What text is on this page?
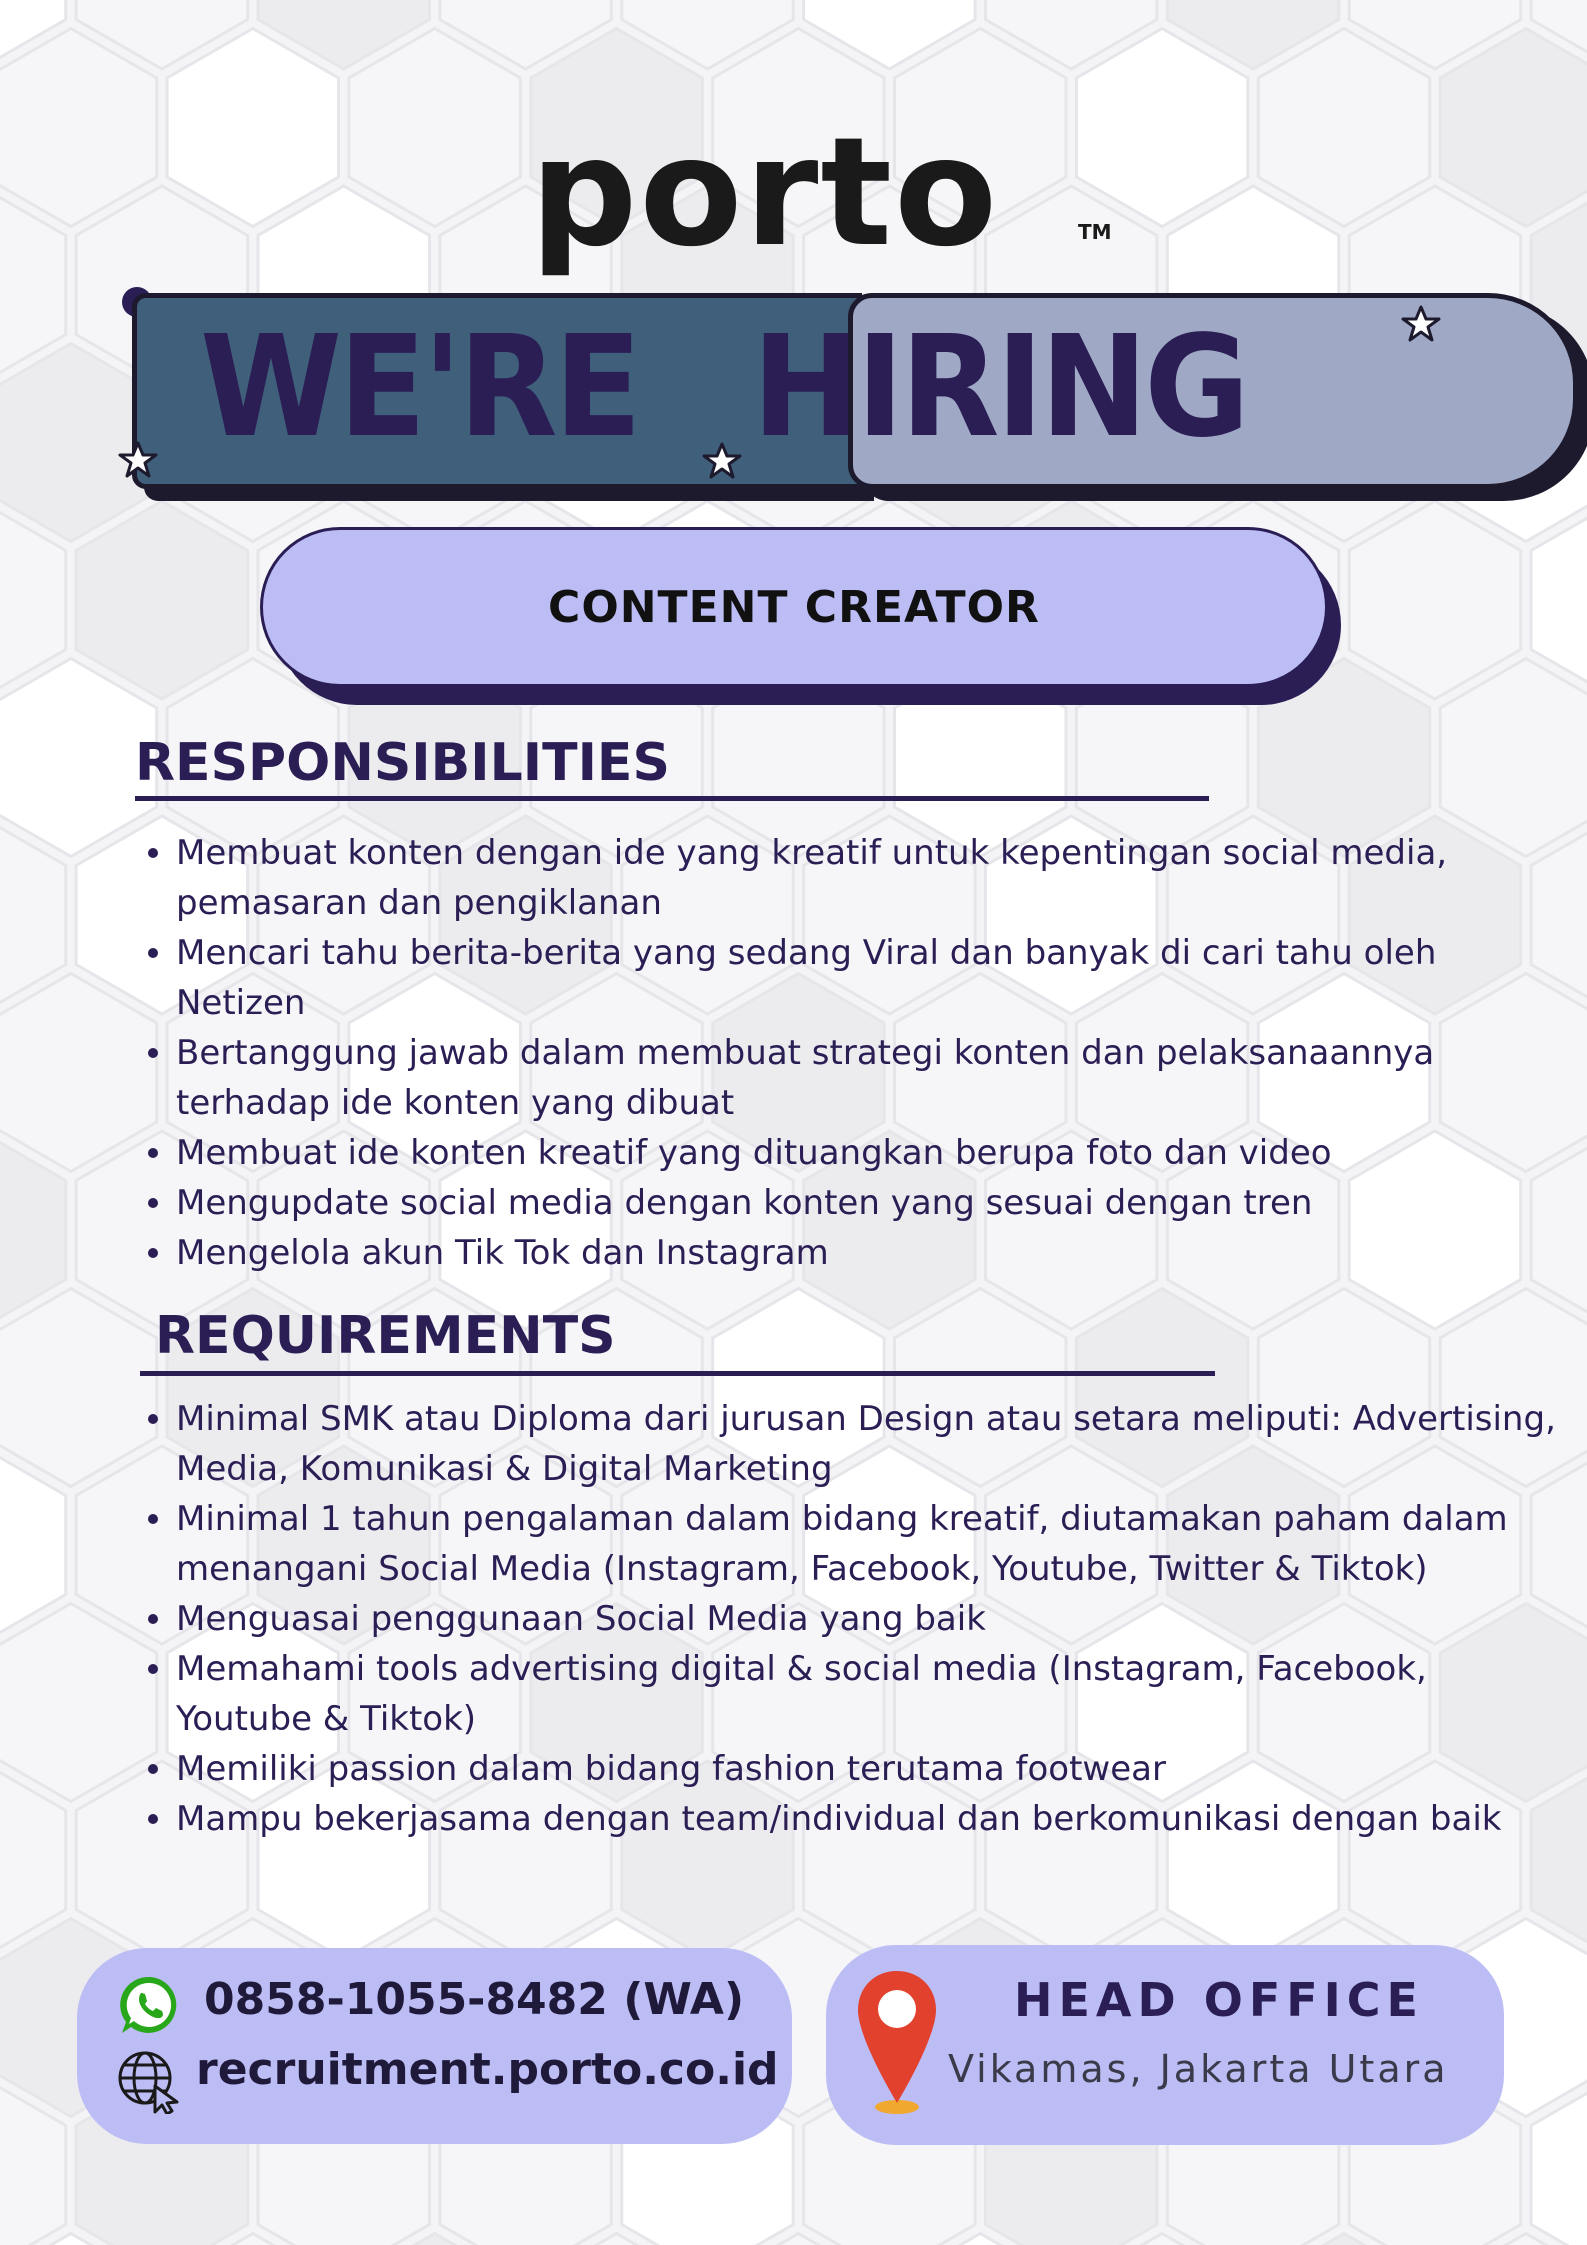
porto	TM
WE'RE HIRING
CONTENT CREATOR
RESPONSIBILITIES
Membuat konten dengan ide yang kreatif untuk kepentingan social media, pemasaran dan pengiklanan
Mencari tahu berita-berita yang sedang Viral dan banyak di cari tahu oleh Netizen
Bertanggung jawab dalam membuat strategi konten dan pelaksanaannya terhadap ide konten yang dibuat
Membuat ide konten kreatif yang dituangkan berupa foto dan video
Mengupdate social media dengan konten yang sesuai dengan tren
Mengelola akun Tik Tok dan Instagram
REQUIREMENTS
Minimal SMK atau Diploma dari jurusan Design atau setara meliputi: Advertising, Media, Komunikasi & Digital Marketing
Minimal 1 tahun pengalaman dalam bidang kreatif, diutamakan paham dalam menangani Social Media (Instagram, Facebook, Youtube, Twitter & Tiktok)
Menguasai penggunaan Social Media yang baik
Memahami tools advertising digital & social media (Instagram, Facebook, Youtube & Tiktok)
Memiliki passion dalam bidang fashion terutama footwear
Mampu bekerjasama dengan team/individual dan berkomunikasi dengan baik
0858-1055-8482 (WA)
recruitment.porto.co.id
HEAD OFFICE
Vikamas, Jakarta Utara
